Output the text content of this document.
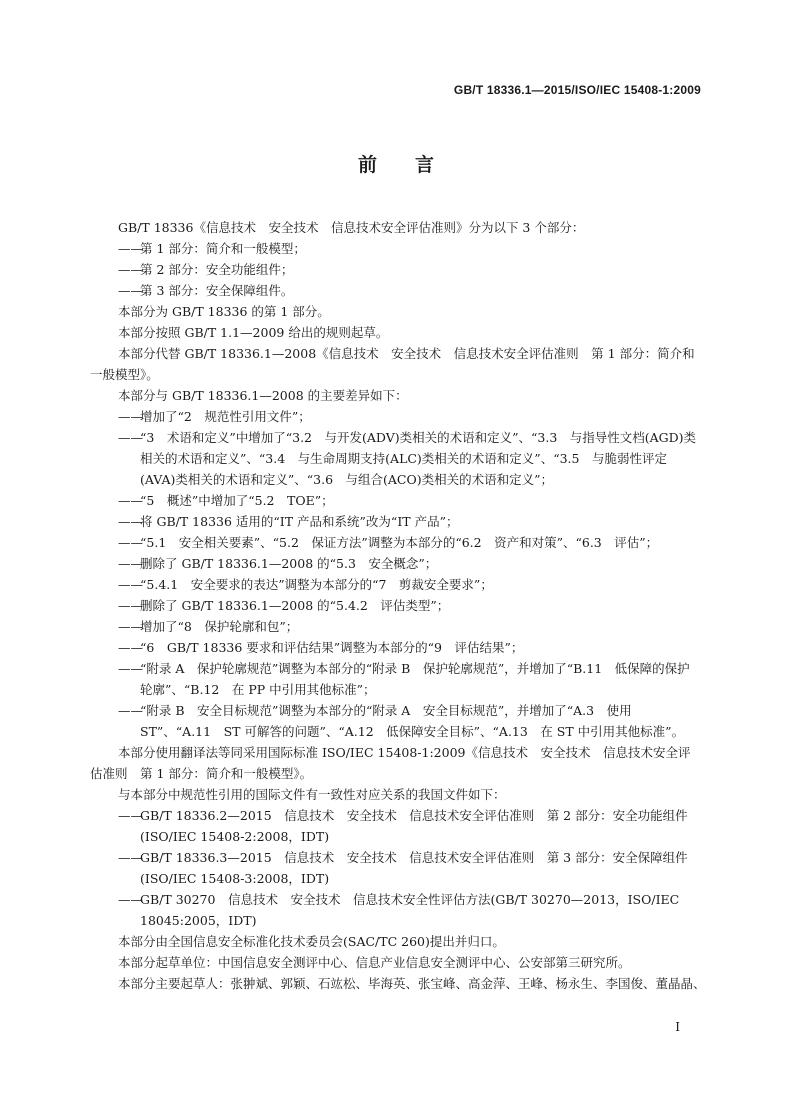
GB/T 18336.1—2015/ISO/IEC 15408-1:2009
前言

GB/T 18336《信息技术　安全技术　信息技术安全评估准则》分为以下 3 个部分：

——
第 1 部分：简介和一般模型；
——
第 2 部分：安全功能组件；
——
第 3 部分：安全保障组件。

本部分为 GB/T 18336 的第 1 部分。

本部分按照 GB/T 1.1—2009 给出的规则起草。

本部分代替 GB/T 18336.1—2008《信息技术　安全技术　信息技术安全评估准则　第 1 部分：简介和一般模型》。

本部分与 GB/T 18336.1—2008 的主要差异如下：

——
增加了“2　规范性引用文件”；
——
“3　术语和定义”中增加了“3.2　与开发(ADV)类相关的术语和定义”、“3.3　与指导性文档(AGD)类相关的术语和定义”、“3.4　与生命周期支持(ALC)类相关的术语和定义”、“3.5　与脆弱性评定(AVA)类相关的术语和定义”、“3.6　与组合(ACO)类相关的术语和定义”；
——
“5　概述”中增加了“5.2　TOE”；
——
将 GB/T 18336 适用的“IT 产品和系统”改为“IT 产品”；
——
“5.1　安全相关要素”、“5.2　保证方法”调整为本部分的“6.2　资产和对策”、“6.3　评估”；
——
删除了 GB/T 18336.1—2008 的“5.3　安全概念”；
——
“5.4.1　安全要求的表达”调整为本部分的“7　剪裁安全要求”；
——
删除了 GB/T 18336.1—2008 的“5.4.2　评估类型”；
——
增加了“8　保护轮廓和包”；
——
“6　GB/T 18336 要求和评估结果”调整为本部分的“9　评估结果”；
——
“附录 A　保护轮廓规范”调整为本部分的“附录 B　保护轮廓规范”，并增加了“B.11　低保障的保护轮廓”、“B.12　在 PP 中引用其他标准”；
——
“附录 B　安全目标规范”调整为本部分的“附录 A　安全目标规范”，并增加了“A.3　使用 ST”、“A.11　ST 可解答的问题”、“A.12　低保障安全目标”、“A.13　在 ST 中引用其他标准”。

本部分使用翻译法等同采用国际标准 ISO/IEC 15408-1:2009《信息技术　安全技术　信息技术安全评估准则　第 1 部分：简介和一般模型》。

与本部分中规范性引用的国际文件有一致性对应关系的我国文件如下：

——
GB/T 18336.2—2015　信息技术　安全技术　信息技术安全评估准则　第 2 部分：安全功能组件(ISO/IEC 15408-2:2008，IDT)
——
GB/T 18336.3—2015　信息技术　安全技术　信息技术安全评估准则　第 3 部分：安全保障组件(ISO/IEC 15408-3:2008，IDT)
——
GB/T 30270　信息技术　安全技术　信息技术安全性评估方法(GB/T 30270—2013，ISO/IEC 18045:2005，IDT)

本部分由全国信息安全标准化技术委员会(SAC/TC 260)提出并归口。

本部分起草单位：中国信息安全测评中心、信息产业信息安全测评中心、公安部第三研究所。

本部分主要起草人：张翀斌、郭颖、石竑松、毕海英、张宝峰、高金萍、王峰、杨永生、李国俊、董晶晶、

I
